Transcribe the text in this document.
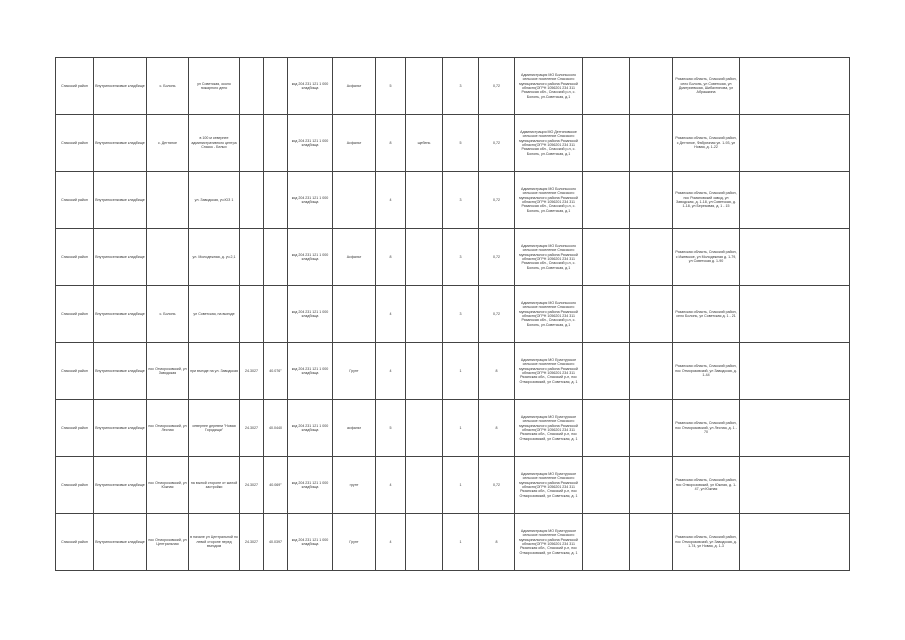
Спасский район	Внутрипоселковые кладбище	с. Болонь	ул Советская, около пожарного депо			код 204 231 121 1 000 кладбища	Асфальт	5		3	0,72	Администрация МО Болоньского сельское поселение Спасского муниципального района Рязанской области(ОГРН 1056201 234 311 Рязанская обл., Спасский р-н, с. Болонь, ул.Советская, д.1			Рязанская область, Спасский район, село Болонь, ул Советская, ул Дмитриевская, Шибахтинова, ул Абрашкина	
Спасский район	Внутрипоселковые кладбище	с. Дегтяное	в 100 м севернее административного центра Спасск - Белых			код 204 231 121 1 000 кладбища	Асфальт	8	щебень	5	0,72	Администрация МО Дегтяновское сельское поселение Спасского муниципального района Рязанской области(ОГРН 1056201 234 311 Рязанская обл., Спасский р-н, с. Болонь, ул.Советская, д.1			Рязанская область, Спасский район, с Дегтяное, Фабричная ул. 1-93, ул Новая, д. 1-22	
Спасский район	Внутрипоселковые кладбище		ул. Заводская, уч.ЮЗ 1			код 204 231 121 1 000 кладбища		4		3	0,72	Администрация МО Болоньского сельское поселение Спасского муниципального района Рязанской области(ОГРН 1056201 234 311 Рязанская обл., Спасский р-н, с. Болонь, ул.Советская, д.1			Рязанская область, Спасский район, пос Романовский завод, ул Заводская, д. 1-18, ул Советская, д. 1-18, ул Березовая, д. 1 - 15	
Спасский район	Внутрипоселковые кладбище		ул. Молодежная, д. уч.2,1			код 204 231 121 1 000 кладбища	Асфальт	8		3	0,72	Администрация МО Болоньского сельское поселение Спасского муниципального района Рязанской области(ОГРН 1056201 234 311 Рязанская обл., Спасский р-н, с. Болонь, ул.Советская, д.1			Рязанская область, Спасский район, с Ижевское, ул Молодежная д. 1-79, ул Советская д. 1-90	
Спасский район	Внутрипоселковые кладбище	с. Болонь	ул Советская, на выезде			код 204 231 121 1 000 кладбища		4		3	0,72	Администрация МО Болоньского сельское поселение Спасского муниципального района Рязанской области(ОГРН 1056201 234 311 Рязанская обл., Спасский р-н, с. Болонь, ул.Советская, д.1			Рязанская область, Спасский район, село Болонь, ул Советская д. 1 - 21	
Спасский район	Внутрипоселковые кладбище	пос Отморозовский, ул Заводская	при въезде на ул. Заводская	24.3027	40.076°	код 204 231 121 1 000 кладбища	Грунт	4		1	8	Администрация МО Ерахтурское сельское поселение Спасского муниципального района Рязанской области(ОГРН 1056201 234 311 Рязанская обл., Спасский р-н, пос Отморозовский, ул Советская, д. 1			Рязанская область, Спасский район, пос Отморозовский, ул Заводская, д. 1-44	
Спасский район	Внутрипоселковые кладбище	пос Отморозовский, ул Лесная	севернее деревни "Новая Городищи"	24.3027	40.0440	код 204 231 121 1 000 кладбища	асфальт	5		1	8	Администрация МО Ерахтурское сельское поселение Спасского муниципального района Рязанской области(ОГРН 1056201 234 311 Рязанская обл., Спасский р-н, пос Отморозовский, ул Советская, д. 1			Рязанская область, Спасский район, пос Отморозовский, ул Лесная, д. 1 - 70	
Спасский район	Внутрипоселковые кладбище	пос Отморозовский, ул Южная	на южной стороне от жилой застройки	24.3027	40.069°	код 204 231 121 1 000 кладбища	грунт	4		1	0,72	Администрация МО Ерахтурское сельское поселение Спасского муниципального района Рязанской области(ОГРН 1056201 234 311 Рязанская обл., Спасский р-н, пос Отморозовский, ул Советская, д. 1			Рязанская область, Спасский район, пос Отморозовский, ул Южная, д. 1-47, ул Южная	
Спасский район	Внутрипоселковые кладбище	пос Отморозовский, ул Центральная	в начале ул Центральной по левой стороне перед въездом	24.3027	40.0397	код 204 231 121 1 000 кладбища	Грунт	4		1	8	Администрация МО Ерахтурское сельское поселение Спасского муниципального района Рязанской области(ОГРН 1056201 234 311 Рязанская обл., Спасский р-н, пос Отморозовский, ул Советская, д. 1			Рязанская область, Спасский район, пос Отморозовский, ул Заводская, д. 1-74, ул Новая, д. 1-3	
